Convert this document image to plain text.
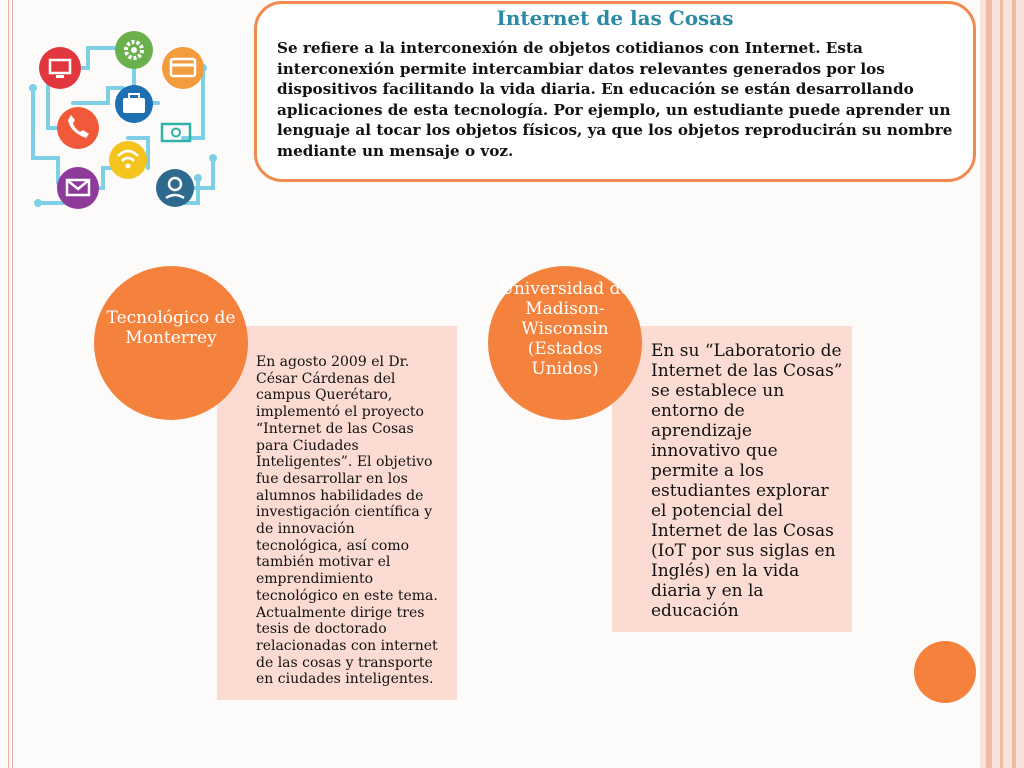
Internet de las Cosas

Se refiere a la interconexión de objetos cotidianos con Internet. Esta interconexión permite intercambiar datos relevantes generados por los dispositivos facilitando la vida diaria. En educación se están desarrollando aplicaciones de esta tecnología. Por ejemplo, un estudiante puede aprender un lenguaje al tocar los objetos físicos, ya que los objetos reproducirán su nombre mediante un mensaje o voz.

En agosto 2009 el Dr. César Cárdenas del campus Querétaro, implementó el proyecto “Internet de las Cosas para Ciudades Inteligentes”. El objetivo fue desarrollar en los alumnos habilidades de investigación científica y de innovación tecnológica, así como también motivar el emprendimiento tecnológico en este tema. Actualmente dirige tres tesis de doctorado relacionadas con internet de las cosas y transporte en ciudades inteligentes.

Tecnológico de Monterrey

En su “Laboratorio de Internet de las Cosas” se establece un entorno de aprendizaje innovativo que permite a los estudiantes explorar el potencial del Internet de las Cosas (IoT por sus siglas en Inglés) en la vida diaria y en la educación

Universidad de Madison-Wisconsin (Estados Unidos)
